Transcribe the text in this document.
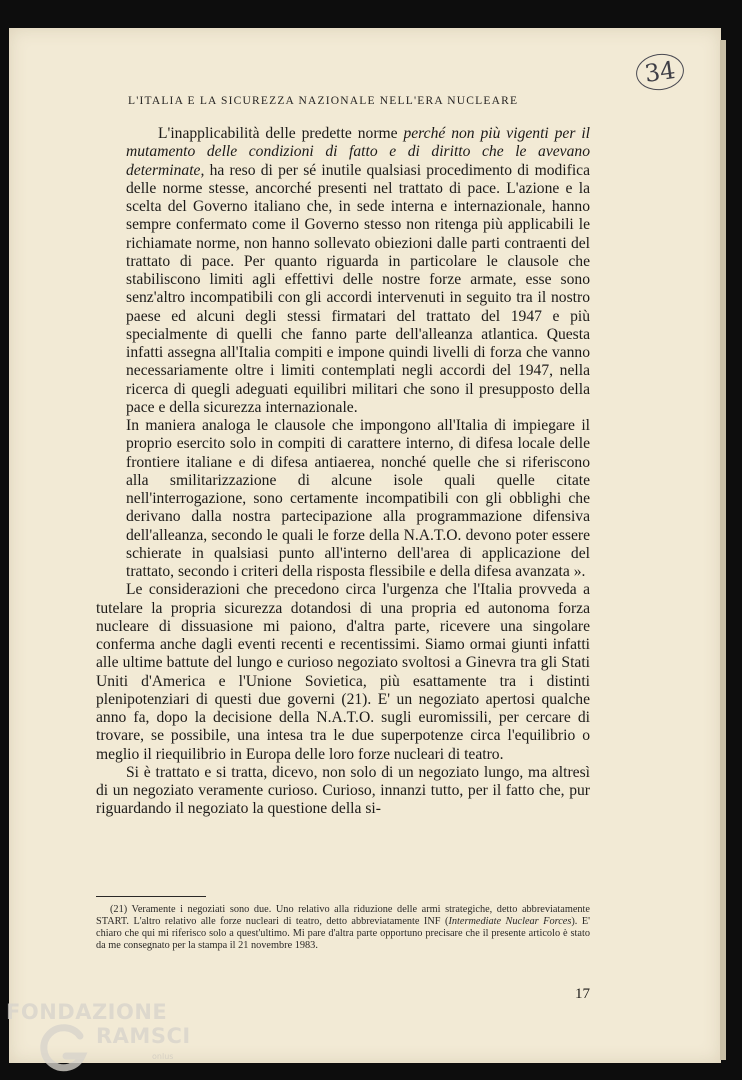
34
L'ITALIA E LA SICUREZZA NAZIONALE NELL'ERA NUCLEARE

L'inapplicabilità delle predette norme perché non più vigenti per il mutamento delle condizioni di fatto e di diritto che le avevano determinate, ha reso di per sé inutile qualsiasi procedimento di modifica delle norme stesse, ancorché presenti nel trattato di pace. L'azione e la scelta del Governo italiano che, in sede interna e internazionale, hanno sempre confermato come il Governo stesso non ritenga più applicabili le richiamate norme, non hanno sollevato obiezioni dalle parti contraenti del trattato di pace. Per quanto riguarda in particolare le clausole che stabiliscono limiti agli effettivi delle nostre forze armate, esse sono senz'altro incompatibili con gli accordi intervenuti in seguito tra il nostro paese ed alcuni degli stessi firmatari del trattato del 1947 e più specialmente di quelli che fanno parte dell'alleanza atlantica. Questa infatti assegna all'Italia compiti e impone quindi livelli di forza che vanno necessariamente oltre i limiti contemplati negli accordi del 1947, nella ricerca di quegli adeguati equilibri militari che sono il presupposto della pace e della sicurezza internazionale.

In maniera analoga le clausole che impongono all'Italia di impiegare il proprio esercito solo in compiti di carattere interno, di difesa locale delle frontiere italiane e di difesa antiaerea, nonché quelle che si riferiscono alla smilitarizzazione di alcune isole quali quelle citate nell'interrogazione, sono certamente incompatibili con gli obblighi che derivano dalla nostra partecipazione alla programmazione difensiva dell'alleanza, secondo le quali le forze della N.A.T.O. devono poter essere schierate in qualsiasi punto all'interno dell'area di applicazione del trattato, secondo i criteri della risposta flessibile e della difesa avanzata ».

Le considerazioni che precedono circa l'urgenza che l'Italia provveda a tutelare la propria sicurezza dotandosi di una propria ed autonoma forza nucleare di dissuasione mi paiono, d'altra parte, ricevere una singolare conferma anche dagli eventi recenti e recentissimi. Siamo ormai giunti infatti alle ultime battute del lungo e curioso negoziato svoltosi a Ginevra tra gli Stati Uniti d'America e l'Unione Sovietica, più esattamente tra i distinti plenipotenziari di questi due governi (21). E' un negoziato apertosi qualche anno fa, dopo la decisione della N.A.T.O. sugli euromissili, per cercare di trovare, se possibile, una intesa tra le due superpotenze circa l'equilibrio o meglio il riequilibrio in Europa delle loro forze nucleari di teatro.

Si è trattato e si tratta, dicevo, non solo di un negoziato lungo, ma altresì di un negoziato veramente curioso. Curioso, innanzi tutto, per il fatto che, pur riguardando il negoziato la questione della si-

(21) Veramente i negoziati sono due. Uno relativo alla riduzione delle armi strategiche, detto abbreviatamente START. L'altro relativo alle forze nucleari di teatro, detto abbreviatamente INF (Intermediate Nuclear Forces). E' chiaro che qui mi riferisco solo a quest'ultimo. Mi pare d'altra parte opportuno precisare che il presente articolo è stato da me consegnato per la stampa il 21 novembre 1983.

17
FONDAZIONE
RAMSCI
onlus
